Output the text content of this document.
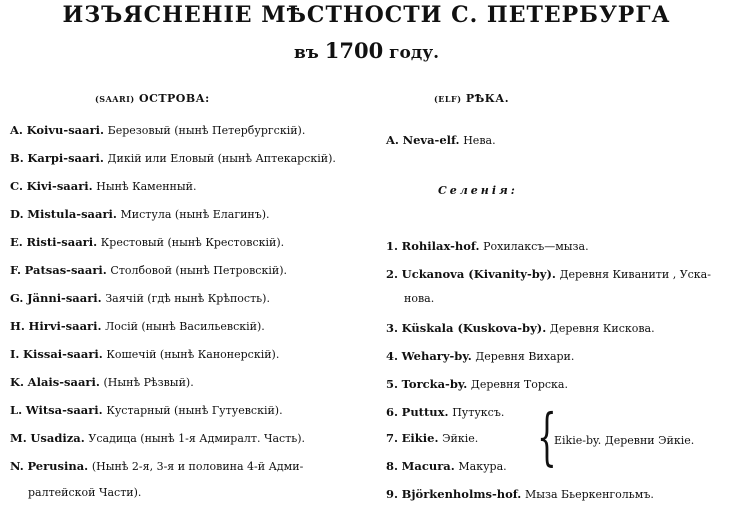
ИЗЪЯСНЕНIЕ МѢСТНОСТИ С. ПЕТЕРБУРГА
въ 1700 году.
(SAARI) ОСТРОВА:	(ELF) РѢКА.
A. Koivu-saari. Березовый (нынѣ Петербургскій).
B. Karpi-saari. Дикій или Еловый (нынѣ Аптекарскій).
C. Kivi-saari. Нынѣ Каменный.
D. Mistula-saari. Мистула (нынѣ Елагинъ).
E. Risti-saari. Крестовый (нынѣ Крестовскій).
F. Patsas-saari. Столбовой (нынѣ Петровскій).
G. Jänni-saari. Заячій (гдѣ нынѣ Крѣпость).
H. Hirvi-saari. Лосій (нынѣ Васильевскій).
I. Kissai-saari. Кошечій (нынѣ Канонерскій).
K. Alais-saari. (Нынѣ Рѣзвый).
L. Witsa-saari. Кустарный (нынѣ Гутуевскій).
M. Usadiza. Усадица (нынѣ 1-я Адмиралт. Часть).
N. Perusina. (Нынѣ 2-я, 3-я и половина 4-й Адми-
ралтейской Части).
A. Neva-elf. Нева.
Селенiя:
1. Rohilax-hof. Рохилаксъ—мыза.
2. Uckanova (Kivanity-by). Деревня Киванити , Уска-
нова.
3. Küskala (Kuskova-by). Деревня Кискова.
4. Wehary-by. Деревня Вихари.
5. Torcka-by. Деревня Торска.
6. Puttux. Путуксъ.
7. Eikie. Эйкіе.
8. Macura. Макура.
9. Björkenholms-hof. Мыза Бьеркенгольмъ.
{
Eikie-by. Деревни Эйкіе.
